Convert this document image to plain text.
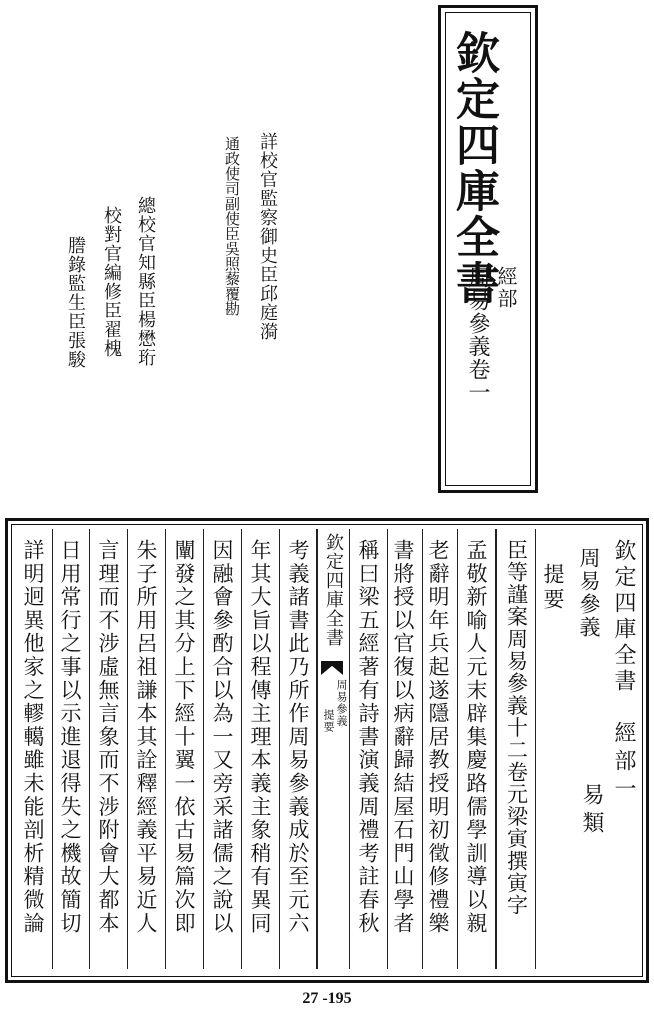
欽定四庫全書
經部
周易參義卷一
詳校官監察御史臣邱庭漪
通政使司副使臣吳照藜覆勘
總校官知縣臣楊懋珩
校對官編修臣翟槐
謄錄監生臣張駿
欽定四庫全書
周易參義
提要
經部一
易類
臣等謹案周易參義十二卷元梁寅撰寅字
孟敬新喻人元末辟集慶路儒學訓導以親
老辭明年兵起遂隱居教授明初徵修禮樂
書將授以官復以病辭歸結屋石門山學者
稱曰梁五經著有詩書演義周禮考註春秋
欽定四庫全書
周易參義
提要
考義諸書此乃所作周易參義成於至元六
年其大旨以程傳主理本義主象稍有異同
因融會參酌合以為一又旁采諸儒之說以
闡發之其分上下經十翼一依古易篇次即
朱子所用呂祖謙本其詮釋經義平易近人
言理而不涉虛無言象而不涉附會大都本
日用常行之事以示進退得失之機故簡切
詳明迥異他家之轇轕雖未能剖析精微論
27 -195
